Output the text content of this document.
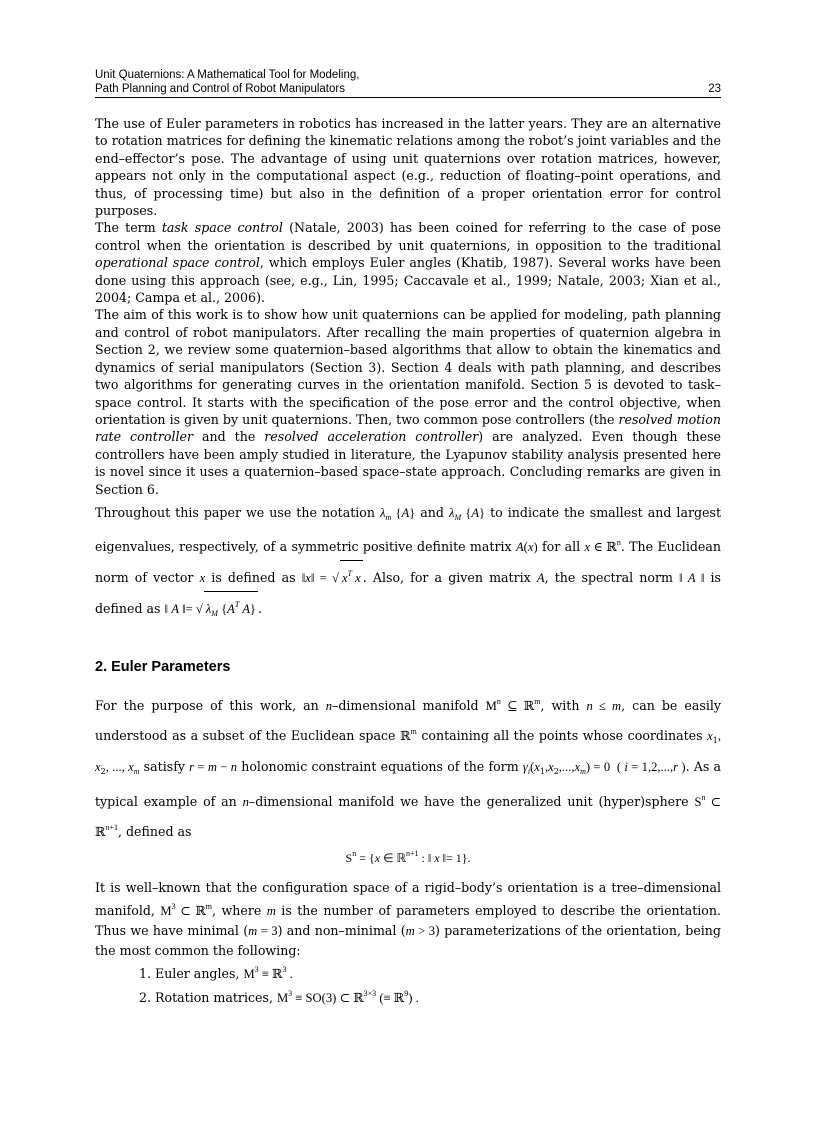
Unit Quaternions: A Mathematical Tool for Modeling,
Path Planning and Control of Robot Manipulators	23

The use of Euler parameters in robotics has increased in the latter years. They are an alternative to rotation matrices for defining the kinematic relations among the robot’s joint variables and the end–effector’s pose. The advantage of using unit quaternions over rotation matrices, however, appears not only in the computational aspect (e.g., reduction of floating–point operations, and thus, of processing time) but also in the definition of a proper orientation error for control purposes.

The term task space control (Natale, 2003) has been coined for referring to the case of pose control when the orientation is described by unit quaternions, in opposition to the traditional operational space control, which employs Euler angles (Khatib, 1987). Several works have been done using this approach (see, e.g., Lin, 1995; Caccavale et al., 1999; Natale, 2003; Xian et al., 2004; Campa et al., 2006).

The aim of this work is to show how unit quaternions can be applied for modeling, path planning and control of robot manipulators. After recalling the main properties of quaternion algebra in Section 2, we review some quaternion–based algorithms that allow to obtain the kinematics and dynamics of serial manipulators (Section 3). Section 4 deals with path planning, and describes two algorithms for generating curves in the orientation manifold. Section 5 is devoted to task–space control. It starts with the specification of the pose error and the control objective, when orientation is given by unit quaternions. Then, two common pose controllers (the resolved motion rate controller and the resolved acceleration controller) are analyzed. Even though these controllers have been amply studied in literature, the Lyapunov stability analysis presented here is novel since it uses a quaternion–based space–state approach. Concluding remarks are given in Section 6.

Throughout this paper we use the notation $\lambda_m$ {A} and $\lambda_M$ {A} to indicate the smallest and largest eigenvalues, respectively, of a symmetric positive definite matrix A(x) for all x ∈ ℝ$^n$. The Euclidean norm of vector x is defined as ‖x‖ = √ $x^T$ x . Also, for a given matrix A, the spectral norm ‖ A ‖ is defined as ‖ A ‖= √ $\lambda_M$ {$A^T$ A} .

2. Euler Parameters

For the purpose of this work, an n–dimensional manifold $M^n$ ⊆ ℝ$^m$, with n ≤ m, can be easily understood as a subset of the Euclidean space ℝ$^m$ containing all the points whose coordinates $x_1$, $x_2$, ..., $x_m$ satisfy r = m − n holonomic constraint equations of the form $\gamma_i(x_1,x_2,...,x_m) = 0$  ( i = 1,2,...,r ). As a typical example of an n–dimensional manifold we have the generalized unit (hyper)sphere $S^n$ ⊂ ℝ$^{n+1}$, defined as

$S^n = \{x$ ∈ ℝ$^{n+1}$ : ‖ x ‖= 1}.

It is well–known that the configuration space of a rigid–body’s orientation is a tree–dimensional manifold, $M^3$ ⊂ ℝ$^m$, where m is the number of parameters employed to describe the orientation. Thus we have minimal (m = 3) and non–minimal (m > 3) parameterizations of the orientation, being the most common the following:

1. Euler angles, $M^3$ ≡ ℝ$^3$ .
2. Rotation matrices, $M^3 \equiv SO(3)$ ⊂ ℝ$^{3\times 3}$ (≡ ℝ$^9$) .
